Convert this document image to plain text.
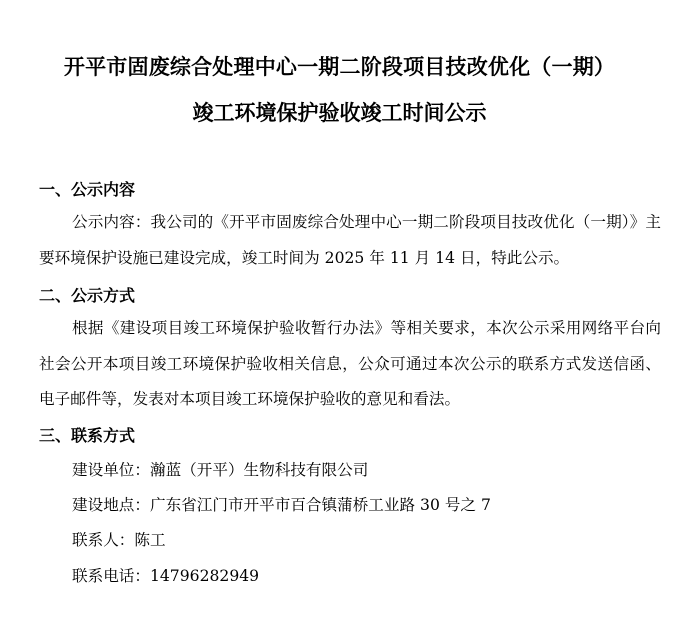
开平市固废综合处理中心一期二阶段项目技改优化（一期）
竣工环境保护验收竣工时间公示
一、公示内容
公示内容：我公司的《开平市固废综合处理中心一期二阶段项目技改优化（一期）》主要环境保护设施已建设完成，竣工时间为 2025 年 11 月 14 日，特此公示。
二、公示方式
根据《建设项目竣工环境保护验收暂行办法》等相关要求，本次公示采用网络平台向社会公开本项目竣工环境保护验收相关信息，公众可通过本次公示的联系方式发送信函、电子邮件等，发表对本项目竣工环境保护验收的意见和看法。
三、联系方式
建设单位：瀚蓝（开平）生物科技有限公司
建设地点：广东省江门市开平市百合镇蒲桥工业路 30 号之 7
联系人：陈工
联系电话：14796282949
